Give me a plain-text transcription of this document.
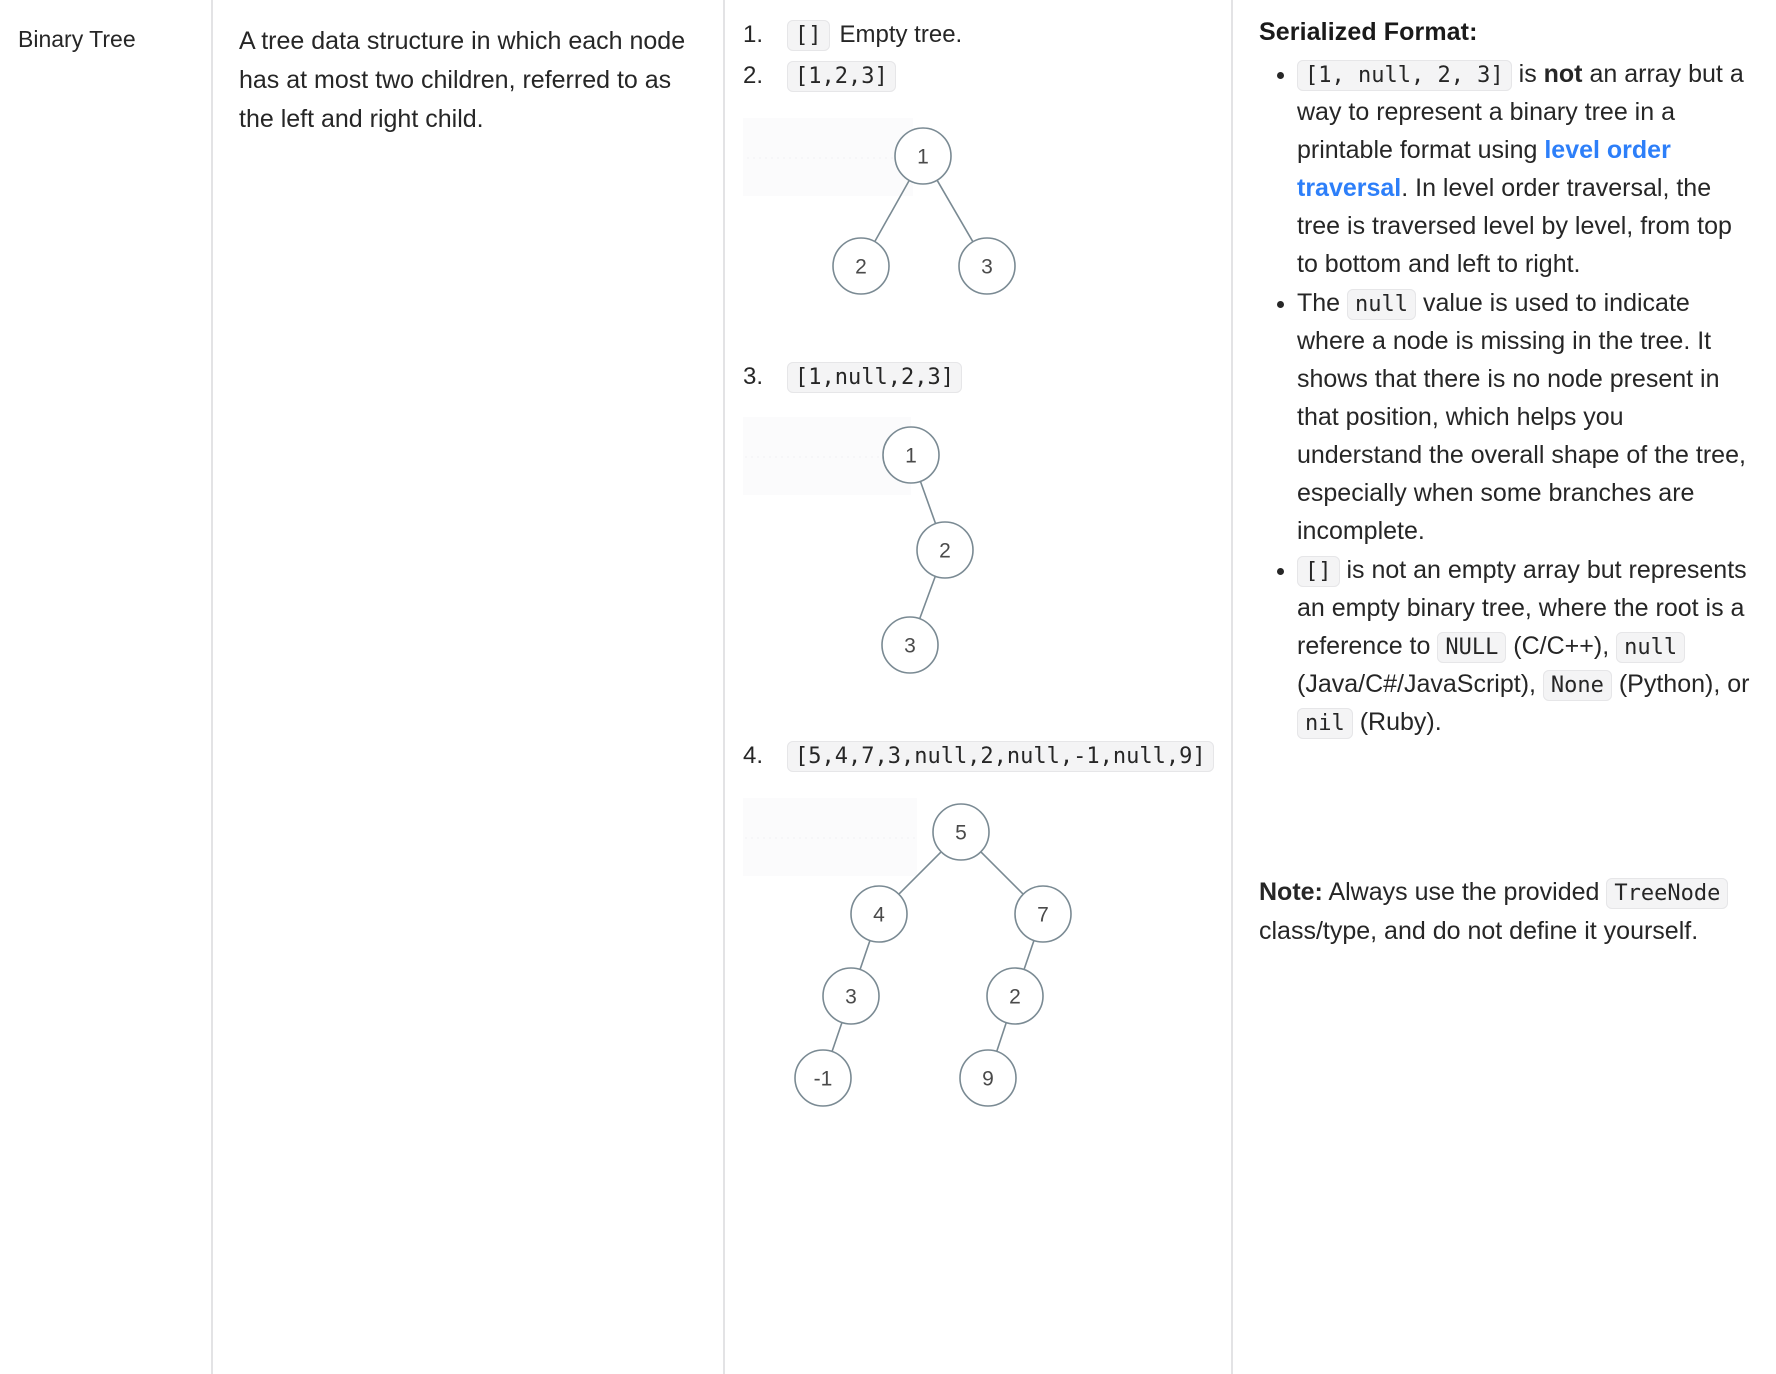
Binary Tree	A tree data structure in which each node has at most two children, referred to as the left and right child.
[] Empty tree.
[1,2,3]
1
2	3
[1,null,2,3]
1
2
3
[5,4,7,3,null,2,null,-1,null,9]
5
4	7
3	2
-1	9
Serialized Format:
• [1, null, 2, 3] is not an array but a way to represent a binary tree in a printable format using level order traversal. In level order traversal, the tree is traversed level by level, from top to bottom and left to right.
• The null value is used to indicate where a node is missing in the tree. It shows that there is no node present in that position, which helps you understand the overall shape of the tree, especially when some branches are incomplete.
• [] is not an empty array but represents an empty binary tree, where the root is a reference to NULL (C/C++), null (Java/C#/JavaScript), None (Python), or nil (Ruby).

Note: Always use the provided TreeNode class/type, and do not define it yourself.
